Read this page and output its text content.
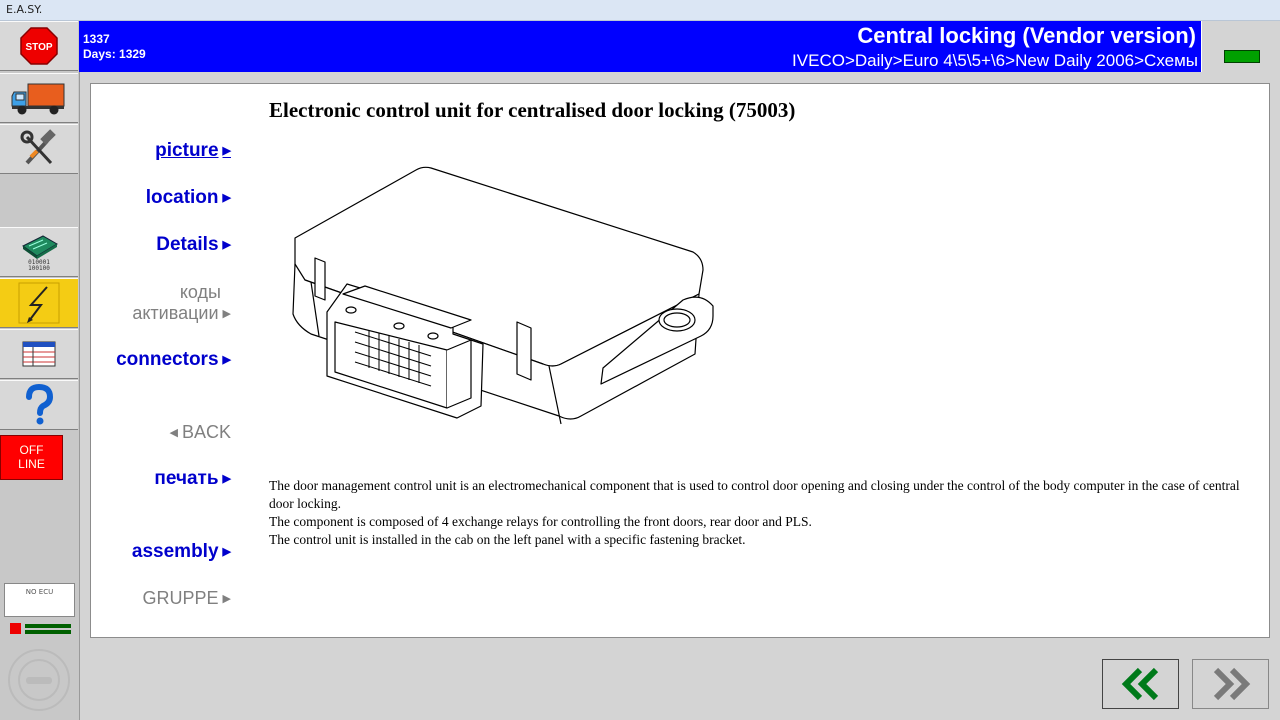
E.A.SY.
STOP
010001 100100
OFF
LINE
NO ECU
1337
Days: 1329
Central locking (Vendor version)
IVECO>Daily>Euro 4\5\5+\6>New Daily 2006>Схемы
picture ▶
location ▶
Details ▶
коды
активации ▶
connectors ▶
◀ BACK
печать ▶
assembly ▶
GRUPPE ▶
Electronic control unit for centralised door locking (75003)

The door management control unit is an electromechanical component that is used to control door opening and closing under the control of the body computer in the case of central door locking.

The component is composed of 4 exchange relays for controlling the front doors, rear door and PLS.

The control unit is installed in the cab on the left panel with a specific fastening bracket.
